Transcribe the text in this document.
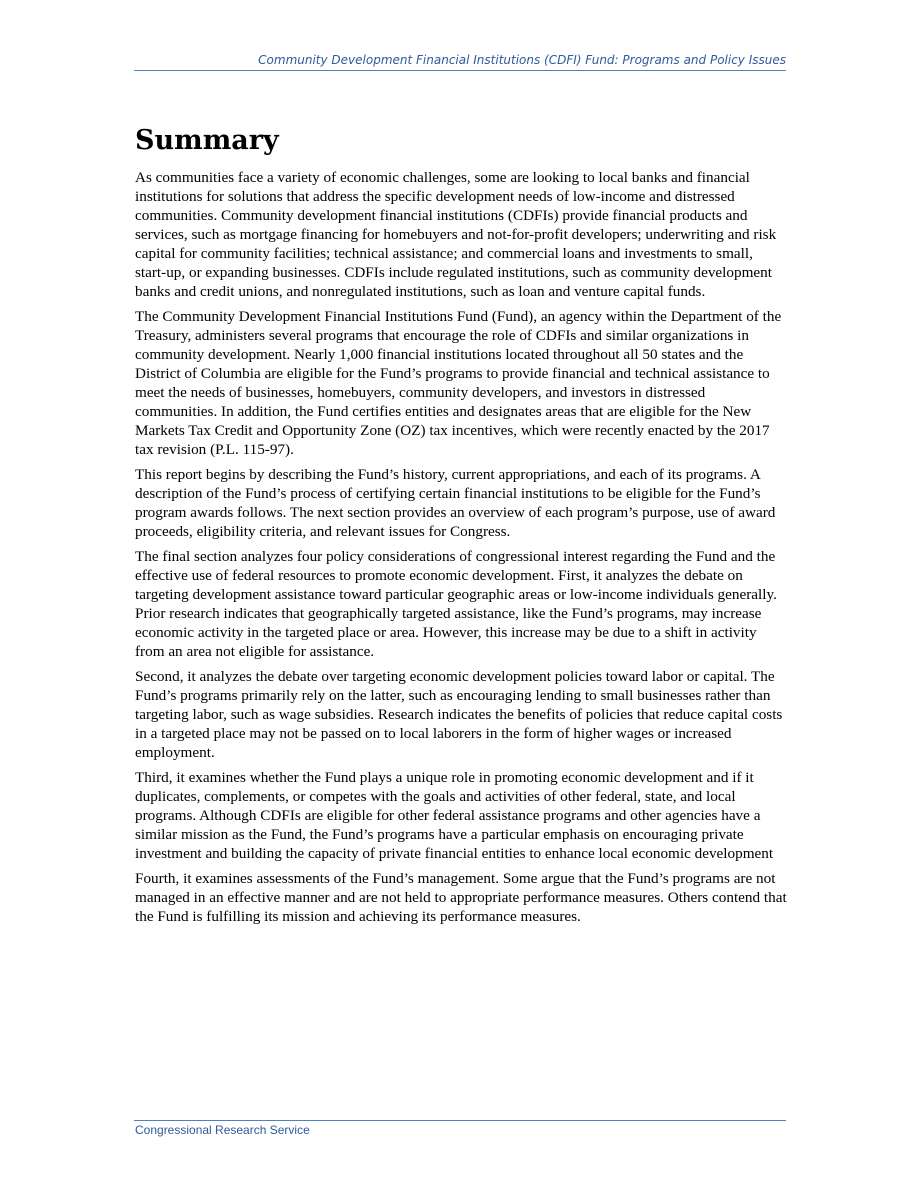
Community Development Financial Institutions (CDFI) Fund: Programs and Policy Issues
Summary

As communities face a variety of economic challenges, some are looking to local banks and financial institutions for solutions that address the specific development needs of low-income and distressed communities. Community development financial institutions (CDFIs) provide financial products and services, such as mortgage financing for homebuyers and not-for-profit developers; underwriting and risk capital for community facilities; technical assistance; and commercial loans and investments to small, start-up, or expanding businesses. CDFIs include regulated institutions, such as community development banks and credit unions, and nonregulated institutions, such as loan and venture capital funds.

The Community Development Financial Institutions Fund (Fund), an agency within the Department of the Treasury, administers several programs that encourage the role of CDFIs and similar organizations in community development. Nearly 1,000 financial institutions located throughout all 50 states and the District of Columbia are eligible for the Fund’s programs to provide financial and technical assistance to meet the needs of businesses, homebuyers, community developers, and investors in distressed communities. In addition, the Fund certifies entities and designates areas that are eligible for the New Markets Tax Credit and Opportunity Zone (OZ) tax incentives, which were recently enacted by the 2017 tax revision (P.L. 115-97).

This report begins by describing the Fund’s history, current appropriations, and each of its programs. A description of the Fund’s process of certifying certain financial institutions to be eligible for the Fund’s program awards follows. The next section provides an overview of each program’s purpose, use of award proceeds, eligibility criteria, and relevant issues for Congress.

The final section analyzes four policy considerations of congressional interest regarding the Fund and the effective use of federal resources to promote economic development. First, it analyzes the debate on targeting development assistance toward particular geographic areas or low-income individuals generally. Prior research indicates that geographically targeted assistance, like the Fund’s programs, may increase economic activity in the targeted place or area. However, this increase may be due to a shift in activity from an area not eligible for assistance.

Second, it analyzes the debate over targeting economic development policies toward labor or capital. The Fund’s programs primarily rely on the latter, such as encouraging lending to small businesses rather than targeting labor, such as wage subsidies. Research indicates the benefits of policies that reduce capital costs in a targeted place may not be passed on to local laborers in the form of higher wages or increased employment.

Third, it examines whether the Fund plays a unique role in promoting economic development and if it duplicates, complements, or competes with the goals and activities of other federal, state, and local programs. Although CDFIs are eligible for other federal assistance programs and other agencies have a similar mission as the Fund, the Fund’s programs have a particular emphasis on encouraging private investment and building the capacity of private financial entities to enhance local economic development

Fourth, it examines assessments of the Fund’s management. Some argue that the Fund’s programs are not managed in an effective manner and are not held to appropriate performance measures. Others contend that the Fund is fulfilling its mission and achieving its performance measures.

Congressional Research Service
